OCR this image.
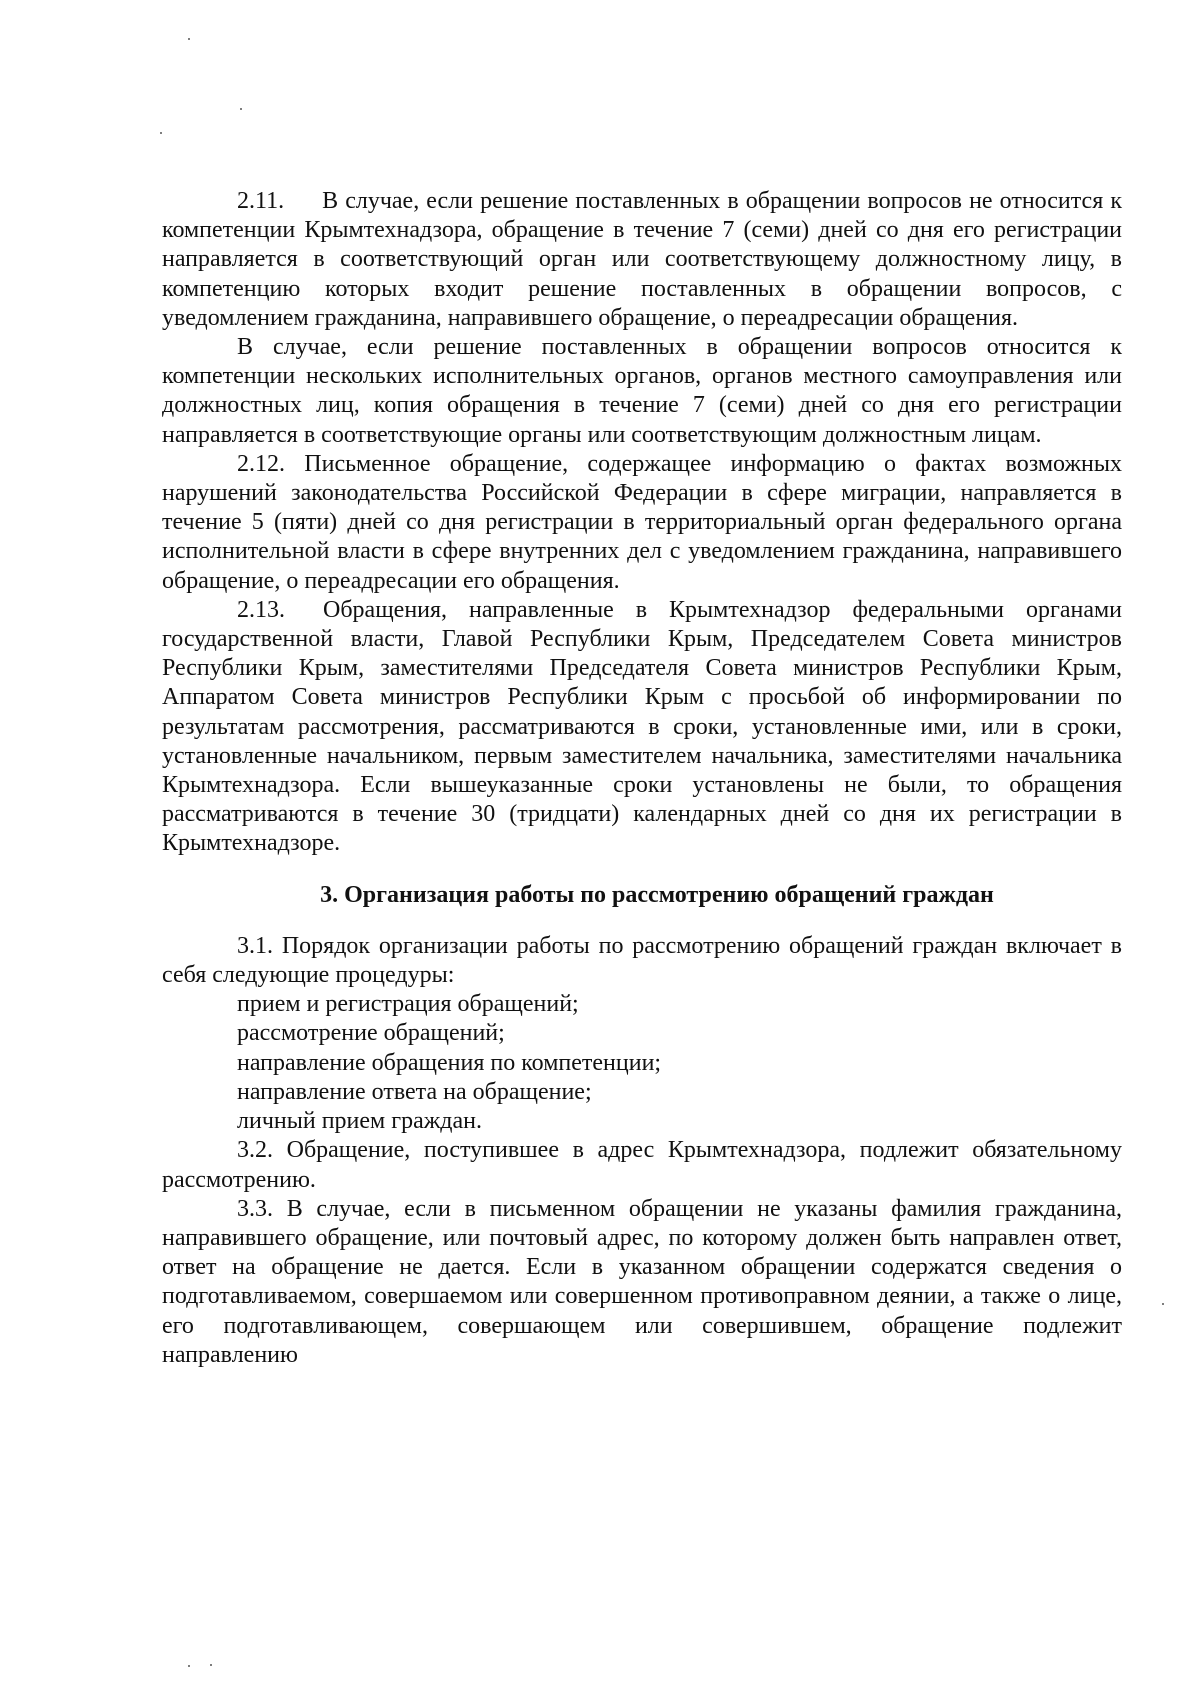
2.11. В случае, если решение поставленных в обращении вопросов не относится к компетенции Крымтехнадзора, обращение в течение 7 (семи) дней со дня его регистрации направляется в соответствующий орган или соответствующему должностному лицу, в компетенцию которых входит решение поставленных в обращении вопросов, с уведомлением гражданина, направившего обращение, о переадресации обращения.

В случае, если решение поставленных в обращении вопросов относится к компетенции нескольких исполнительных органов, органов местного самоуправления или должностных лиц, копия обращения в течение 7 (семи) дней со дня его регистрации направляется в соответствующие органы или соответствующим должностным лицам.

2.12. Письменное обращение, содержащее информацию о фактах возможных нарушений законодательства Российской Федерации в сфере миграции, направляется в течение 5 (пяти) дней со дня регистрации в территориальный орган федерального органа исполнительной власти в сфере внутренних дел с уведомлением гражданина, направившего обращение, о переадресации его обращения.

2.13. Обращения, направленные в Крымтехнадзор федеральными органами государственной власти, Главой Республики Крым, Председателем Совета министров Республики Крым, заместителями Председателя Совета министров Республики Крым, Аппаратом Совета министров Республики Крым с просьбой об информировании по результатам рассмотрения, рассматриваются в сроки, установленные ими, или в сроки, установленные начальником, первым заместителем начальника, заместителями начальника Крымтехнадзора. Если вышеуказанные сроки установлены не были, то обращения рассматриваются в течение 30 (тридцати) календарных дней со дня их регистрации в Крымтехнадзоре.

3. Организация работы по рассмотрению обращений граждан

3.1. Порядок организации работы по рассмотрению обращений граждан включает в себя следующие процедуры:

прием и регистрация обращений;

рассмотрение обращений;

направление обращения по компетенции;

направление ответа на обращение;

личный прием граждан.

3.2. Обращение, поступившее в адрес Крымтехнадзора, подлежит обязательному рассмотрению.

3.3. В случае, если в письменном обращении не указаны фамилия гражданина, направившего обращение, или почтовый адрес, по которому должен быть направлен ответ, ответ на обращение не дается. Если в указанном обращении содержатся сведения о подготавливаемом, совершаемом или совершенном противоправном деянии, а также о лице, его подготавливающем, совершающем или совершившем, обращение подлежит направлению
